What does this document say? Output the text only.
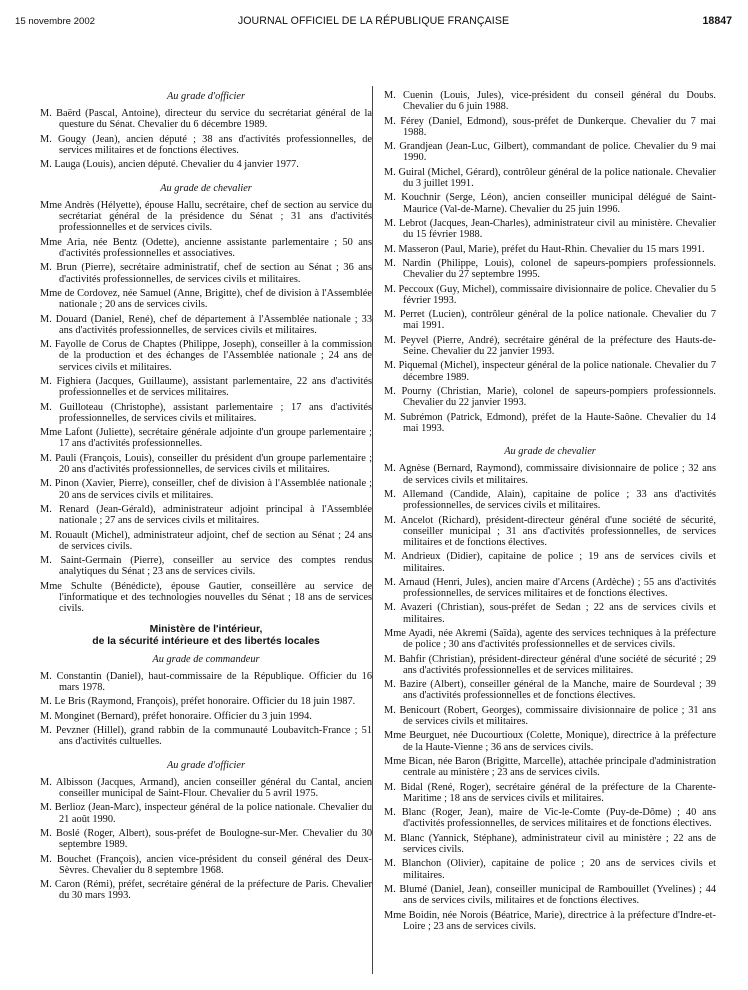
15 novembre 2002	JOURNAL OFFICIEL DE LA RÉPUBLIQUE FRANÇAISE	18847
Au grade d'officier

M. Baërd (Pascal, Antoine), directeur du service du secrétariat général de la questure du Sénat. Chevalier du 6 décembre 1989.

M. Gougy (Jean), ancien député ; 38 ans d'activités professionnelles, de services militaires et de fonctions électives.

M. Lauga (Louis), ancien député. Chevalier du 4 janvier 1977.

Au grade de chevalier

Mme Andrès (Hélyette), épouse Hallu, secrétaire, chef de section au service du secrétariat général de la présidence du Sénat ; 31 ans d'activités professionnelles et de services civils.

Mme Aria, née Bentz (Odette), ancienne assistante parlementaire ; 50 ans d'activités professionnelles et associatives.

M. Brun (Pierre), secrétaire administratif, chef de section au Sénat ; 36 ans d'activités professionnelles, de services civils et militaires.

Mme de Cordovez, née Samuel (Anne, Brigitte), chef de division à l'Assemblée nationale ; 20 ans de services civils.

M. Douard (Daniel, René), chef de département à l'Assemblée nationale ; 33 ans d'activités professionnelles, de services civils et militaires.

M. Fayolle de Corus de Chaptes (Philippe, Joseph), conseiller à la commission de la production et des échanges de l'Assemblée nationale ; 24 ans de services civils et militaires.

M. Fighiera (Jacques, Guillaume), assistant parlementaire, 22 ans d'activités professionnelles et de services militaires.

M. Guilloteau (Christophe), assistant parlementaire ; 17 ans d'activités professionnelles, de services civils et militaires.

Mme Lafont (Juliette), secrétaire générale adjointe d'un groupe parlementaire ; 17 ans d'activités professionnelles.

M. Pauli (François, Louis), conseiller du président d'un groupe parlementaire ; 20 ans d'activités professionnelles, de services civils et militaires.

M. Pinon (Xavier, Pierre), conseiller, chef de division à l'Assemblée nationale ; 20 ans de services civils et militaires.

M. Renard (Jean-Gérald), administrateur adjoint principal à l'Assemblée nationale ; 27 ans de services civils et militaires.

M. Rouault (Michel), administrateur adjoint, chef de section au Sénat ; 24 ans de services civils.

M. Saint-Germain (Pierre), conseiller au service des comptes rendus analytiques du Sénat ; 23 ans de services civils.

Mme Schulte (Bénédicte), épouse Gautier, conseillère au service de l'informatique et des technologies nouvelles du Sénat ; 18 ans de services civils.

Ministère de l'intérieur,
de la sécurité intérieure et des libertés locales
Au grade de commandeur

M. Constantin (Daniel), haut-commissaire de la République. Officier du 16 mars 1978.

M. Le Bris (Raymond, François), préfet honoraire. Officier du 18 juin 1987.

M. Monginet (Bernard), préfet honoraire. Officier du 3 juin 1994.

M. Pevzner (Hillel), grand rabbin de la communauté Loubavitch-France ; 51 ans d'activités cultuelles.

Au grade d'officier

M. Albisson (Jacques, Armand), ancien conseiller général du Cantal, ancien conseiller municipal de Saint-Flour. Chevalier du 5 avril 1975.

M. Berlioz (Jean-Marc), inspecteur général de la police nationale. Chevalier du 21 août 1990.

M. Boslé (Roger, Albert), sous-préfet de Boulogne-sur-Mer. Chevalier du 30 septembre 1989.

M. Bouchet (François), ancien vice-président du conseil général des Deux-Sèvres. Chevalier du 8 septembre 1968.

M. Caron (Rémi), préfet, secrétaire général de la préfecture de Paris. Chevalier du 30 mars 1993.

M. Cuenin (Louis, Jules), vice-président du conseil général du Doubs. Chevalier du 6 juin 1988.

M. Férey (Daniel, Edmond), sous-préfet de Dunkerque. Chevalier du 7 mai 1988.

M. Grandjean (Jean-Luc, Gilbert), commandant de police. Chevalier du 9 mai 1990.

M. Guiral (Michel, Gérard), contrôleur général de la police nationale. Chevalier du 3 juillet 1991.

M. Kouchnir (Serge, Léon), ancien conseiller municipal délégué de Saint-Maurice (Val-de-Marne). Chevalier du 25 juin 1996.

M. Lebrot (Jacques, Jean-Charles), administrateur civil au ministère. Chevalier du 15 février 1988.

M. Masseron (Paul, Marie), préfet du Haut-Rhin. Chevalier du 15 mars 1991.

M. Nardin (Philippe, Louis), colonel de sapeurs-pompiers professionnels. Chevalier du 27 septembre 1995.

M. Peccoux (Guy, Michel), commissaire divisionnaire de police. Chevalier du 5 février 1993.

M. Perret (Lucien), contrôleur général de la police nationale. Chevalier du 7 mai 1991.

M. Peyvel (Pierre, André), secrétaire général de la préfecture des Hauts-de-Seine. Chevalier du 22 janvier 1993.

M. Piquemal (Michel), inspecteur général de la police nationale. Chevalier du 7 décembre 1989.

M. Pourny (Christian, Marie), colonel de sapeurs-pompiers professionnels. Chevalier du 22 janvier 1993.

M. Subrémon (Patrick, Edmond), préfet de la Haute-Saône. Chevalier du 14 mai 1993.

Au grade de chevalier

M. Agnèse (Bernard, Raymond), commissaire divisionnaire de police ; 32 ans de services civils et militaires.

M. Allemand (Candide, Alain), capitaine de police ; 33 ans d'activités professionnelles, de services civils et militaires.

M. Ancelot (Richard), président-directeur général d'une société de sécurité, conseiller municipal ; 31 ans d'activités professionnelles, de services militaires et de fonctions électives.

M. Andrieux (Didier), capitaine de police ; 19 ans de services civils et militaires.

M. Arnaud (Henri, Jules), ancien maire d'Arcens (Ardèche) ; 55 ans d'activités professionnelles, de services militaires et de fonctions électives.

M. Avazeri (Christian), sous-préfet de Sedan ; 22 ans de services civils et militaires.

Mme Ayadi, née Akremi (Saïda), agente des services techniques à la préfecture de police ; 30 ans d'activités professionnelles et de services civils.

M. Bahfir (Christian), président-directeur général d'une société de sécurité ; 29 ans d'activités professionnelles et de services militaires.

M. Bazire (Albert), conseiller général de la Manche, maire de Sourdeval ; 39 ans d'activités professionnelles et de fonctions électives.

M. Benicourt (Robert, Georges), commissaire divisionnaire de police ; 31 ans de services civils et militaires.

Mme Beurguet, née Ducourtioux (Colette, Monique), directrice à la préfecture de la Haute-Vienne ; 36 ans de services civils.

Mme Bican, née Baron (Brigitte, Marcelle), attachée principale d'administration centrale au ministère ; 23 ans de services civils.

M. Bidal (René, Roger), secrétaire général de la préfecture de la Charente-Maritime ; 18 ans de services civils et militaires.

M. Blanc (Roger, Jean), maire de Vic-le-Comte (Puy-de-Dôme) ; 40 ans d'activités professionnelles, de services militaires et de fonctions électives.

M. Blanc (Yannick, Stéphane), administrateur civil au ministère ; 22 ans de services civils.

M. Blanchon (Olivier), capitaine de police ; 20 ans de services civils et militaires.

M. Blumé (Daniel, Jean), conseiller municipal de Rambouillet (Yvelines) ; 44 ans de services civils, militaires et de fonctions électives.

Mme Boidin, née Norois (Béatrice, Marie), directrice à la préfecture d'Indre-et-Loire ; 23 ans de services civils.
